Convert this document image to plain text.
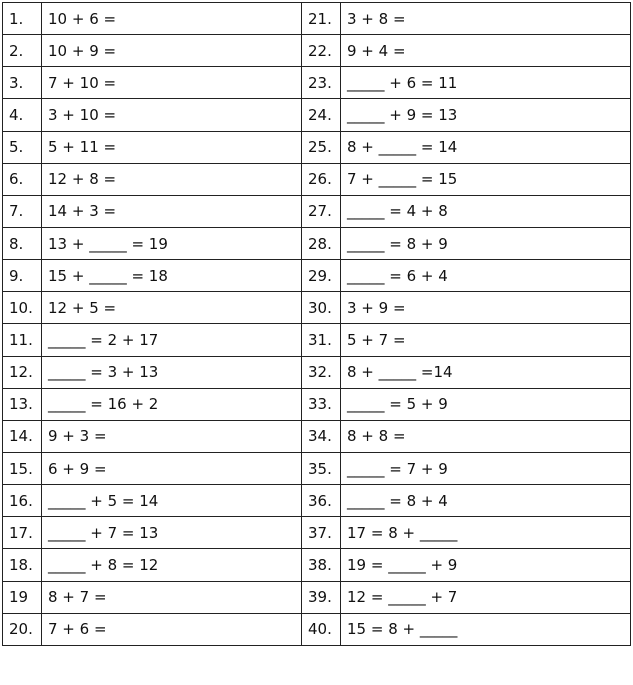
1.	10 + 6 =	21.	3 + 8 =
2.	10 + 9 =	22.	9 + 4 =
3.	7 + 10 =	23.	_____ + 6 = 11
4.	3 + 10 =	24.	_____ + 9 = 13
5.	5 + 11 =	25.	8 + _____ = 14
6.	12 + 8 =	26.	7 + _____ = 15
7.	14 + 3 =	27.	_____ = 4 + 8
8.	13 + _____ = 19	28.	_____ = 8 + 9
9.	15 + _____ = 18	29.	_____ = 6 + 4
10.	12 + 5 =	30.	3 + 9 =
11.	_____ = 2 + 17	31.	5 + 7 =
12.	_____ = 3 + 13	32.	8 + _____ =14
13.	_____ = 16 + 2	33.	_____ = 5 + 9
14.	9 + 3 =	34.	8 + 8 =
15.	6 + 9 =	35.	_____ = 7 + 9
16.	_____ + 5 = 14	36.	_____ = 8 + 4
17.	_____ + 7 = 13	37.	17 = 8 + _____
18.	_____ + 8 = 12	38.	19 = _____ + 9
19	8 + 7 =	39.	12 = _____ + 7
20.	7 + 6 =	40.	15 = 8 + _____
